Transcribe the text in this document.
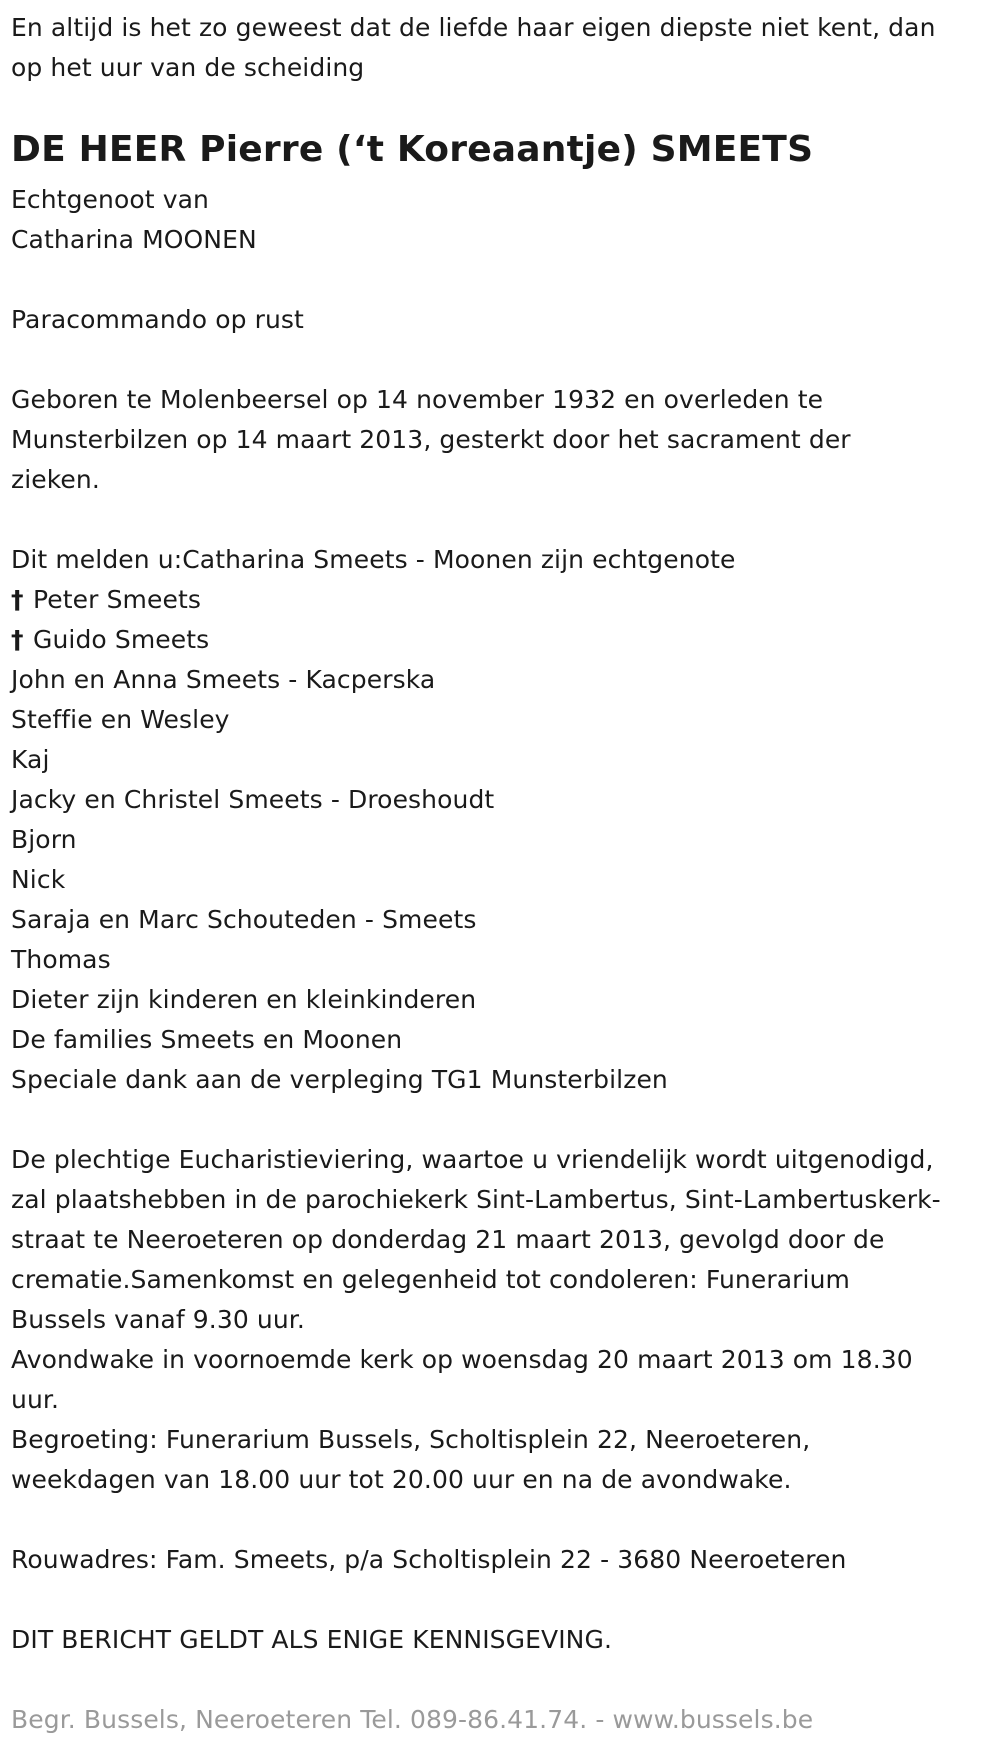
En altijd is het zo geweest dat de liefde haar eigen diepste niet kent, dan
op het uur van de scheiding
DE HEER Pierre (‘t Koreaantje) SMEETS
Echtgenoot van
Catharina MOONEN
Paracommando op rust
Geboren te Molenbeersel op 14 november 1932 en overleden te
Munsterbilzen op 14 maart 2013, gesterkt door het sacrament der
zieken.
Dit melden u:Catharina Smeets - Moonen zijn echtgenote
† Peter Smeets
† Guido Smeets
John en Anna Smeets - Kacperska
Steffie en Wesley
Kaj
Jacky en Christel Smeets - Droeshoudt
Bjorn
Nick
Saraja en Marc Schouteden - Smeets
Thomas
Dieter zijn kinderen en kleinkinderen
De families Smeets en Moonen
Speciale dank aan de verpleging TG1 Munsterbilzen
De plechtige Eucharistieviering, waartoe u vriendelijk wordt uitgenodigd,
zal plaatshebben in de parochiekerk Sint-Lambertus, Sint-Lambertuskerk-
straat te Neeroeteren op donderdag 21 maart 2013, gevolgd door de
crematie.Samenkomst en gelegenheid tot condoleren: Funerarium
Bussels vanaf 9.30 uur.
Avondwake in voornoemde kerk op woensdag 20 maart 2013 om 18.30
uur.
Begroeting: Funerarium Bussels, Scholtisplein 22, Neeroeteren,
weekdagen van 18.00 uur tot 20.00 uur en na de avondwake.
Rouwadres: Fam. Smeets, p/a Scholtisplein 22 - 3680 Neeroeteren
DIT BERICHT GELDT ALS ENIGE KENNISGEVING.
Begr. Bussels, Neeroeteren Tel. 089-86.41.74. - www.bussels.be
